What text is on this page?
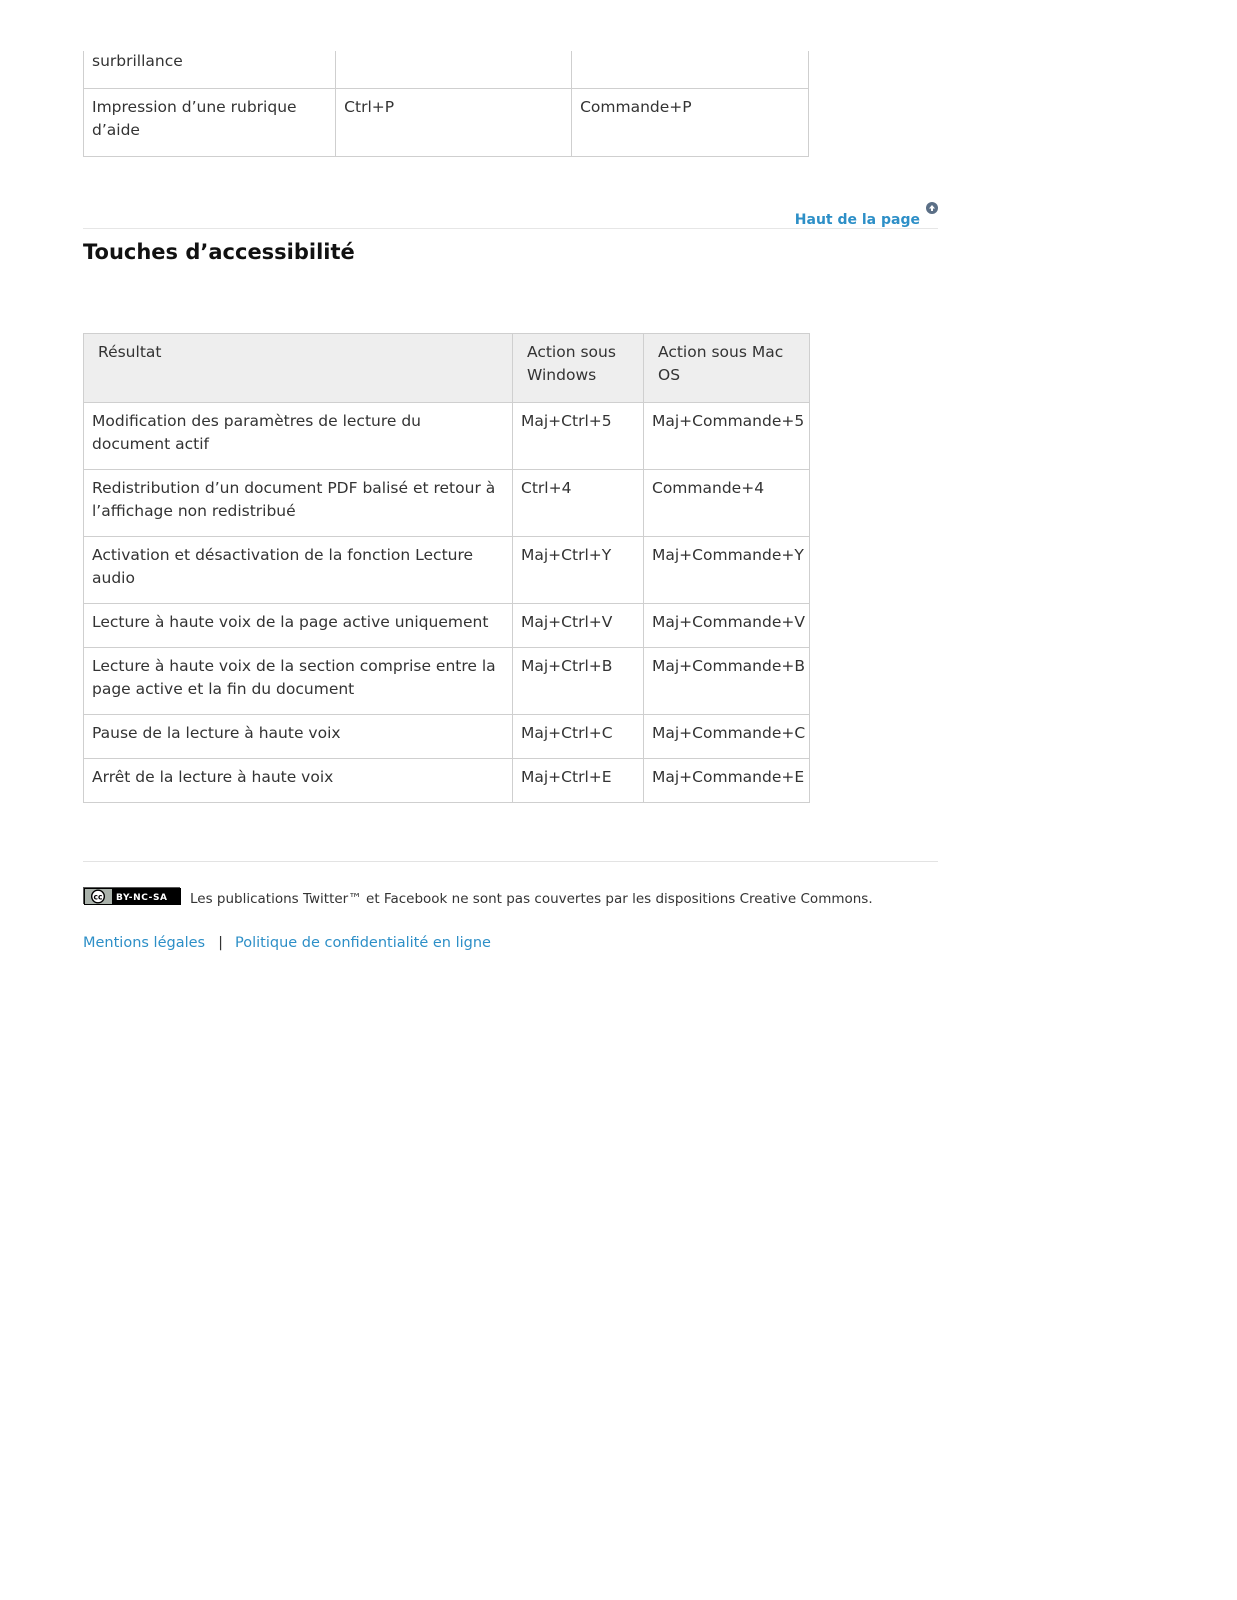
surbrillance		

Impression d’une rubrique d’aide	Ctrl+P	Commande+P
Haut de la page
Touches d’accessibilité
Résultat	Action sous Windows	Action sous Mac OS
Modification des paramètres de lecture du document actif	Maj+Ctrl+5	Maj+Commande+5
Redistribution d’un document PDF balisé et retour à l’affichage non redistribué	Ctrl+4	Commande+4
Activation et désactivation de la fonction Lecture audio	Maj+Ctrl+Y	Maj+Commande+Y
Lecture à haute voix de la page active uniquement	Maj+Ctrl+V	Maj+Commande+V
Lecture à haute voix de la section comprise entre la page active et la fin du document	Maj+Ctrl+B	Maj+Commande+B
Pause de la lecture à haute voix	Maj+Ctrl+C	Maj+Commande+C
Arrêt de la lecture à haute voix	Maj+Ctrl+E	Maj+Commande+E
cc BY-NC-SA Les publications Twitter™ et Facebook ne sont pas couvertes par les dispositions Creative Commons.
Mentions légales | Politique de confidentialité en ligne
